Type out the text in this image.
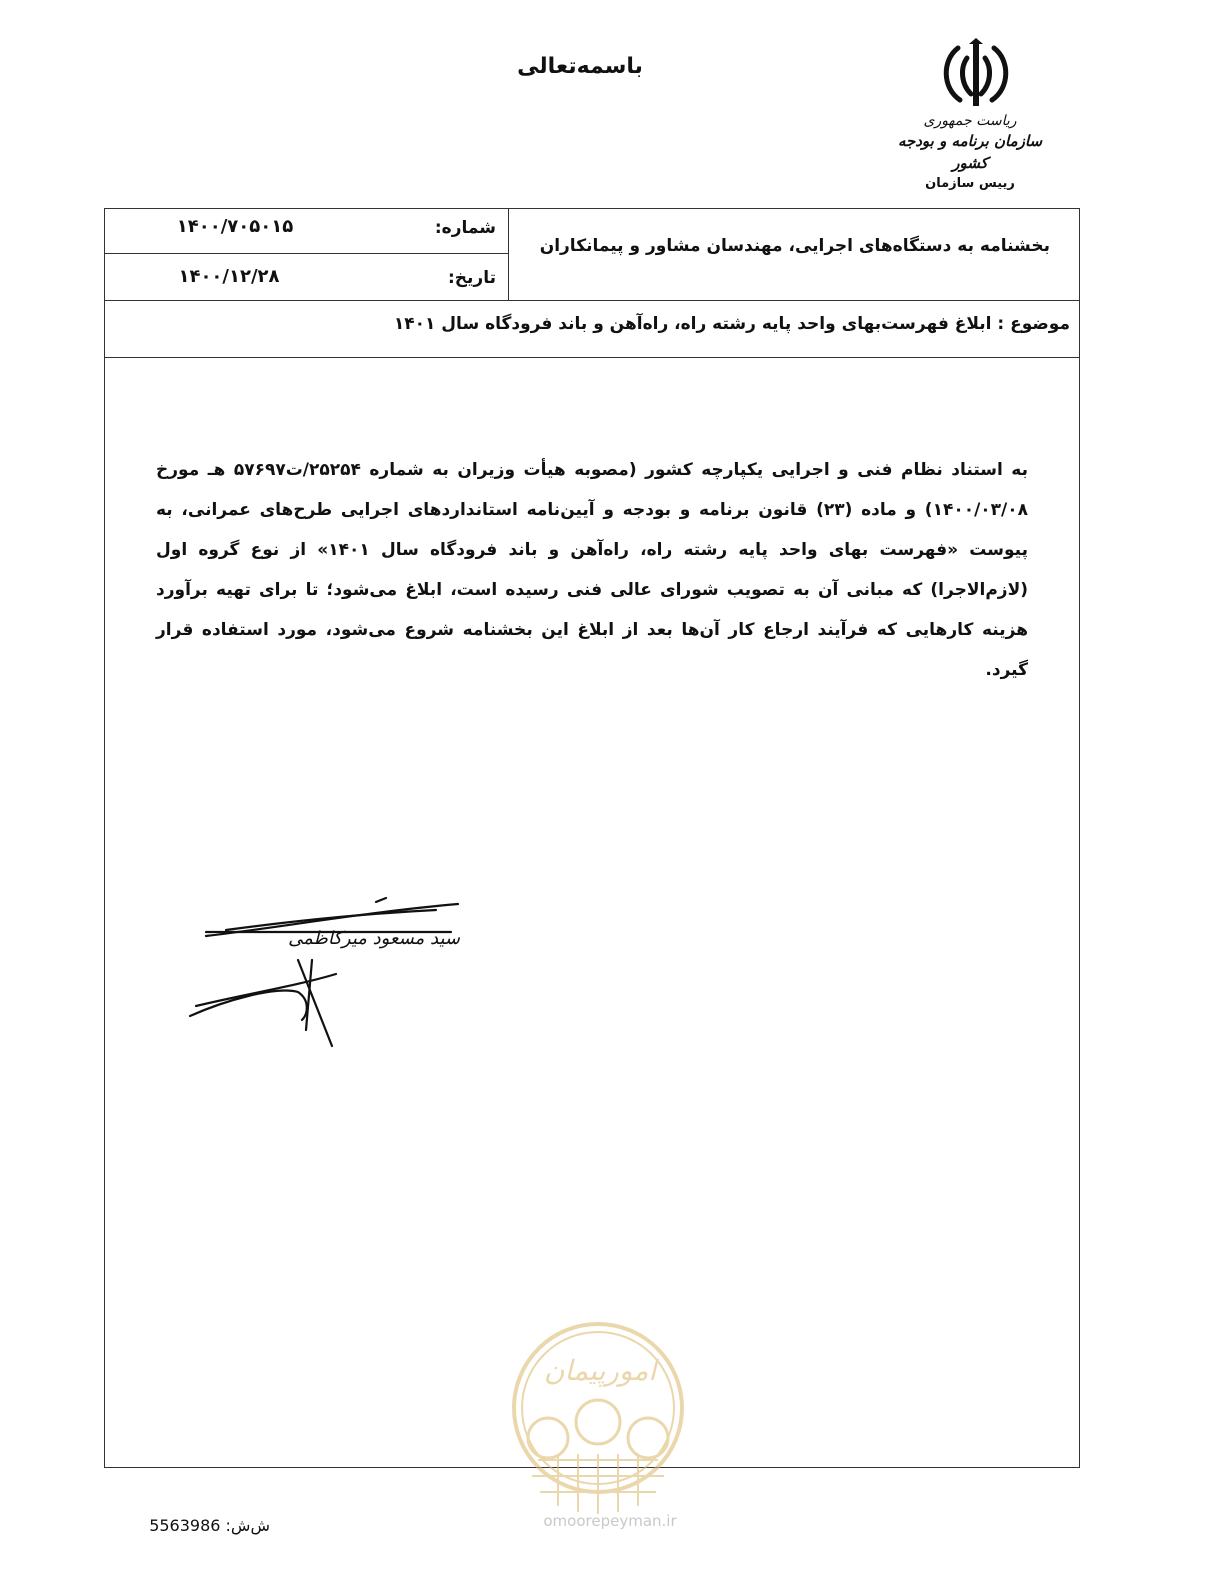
باسمه‌تعالی
ریاست جمهوری
سازمان برنامه و بودجه کشور
رییس سازمان
بخشنامه به دستگاه‌های اجرایی، مهندسان مشاور و پیمانکاران
شماره:
۱۴۰۰/۷۰۵۰۱۵
تاریخ:
۱۴۰۰/۱۲/۲۸
موضوع : ابلاغ فهرست‌بهای واحد پایه رشته راه، راه‌آهن و باند فرودگاه سال ۱۴۰۱
به استناد نظام فنی و اجرایی یکپارچه کشور (مصوبه هیأت وزیران به شماره ۲۵۲۵۴/ت۵۷۶۹۷ هـ مورخ ۱۴۰۰/۰۳/۰۸) و ماده (۲۳) قانون برنامه و بودجه و آیین‌نامه استانداردهای اجرایی طرح‌های عمرانی، به پیوست «فهرست بهای واحد پایه رشته راه، راه‌آهن و باند فرودگاه سال ۱۴۰۱» از نوع گروه اول (لازم‌الاجرا) که مبانی آن به تصویب شورای عالی فنی رسیده است، ابلاغ می‌شود؛ تا برای تهیه برآورد هزینه کارهایی که فرآیند ارجاع کار آن‌ها بعد از ابلاغ این بخشنامه شروع می‌شود، مورد استفاده قرار گیرد.
سید مسعود میرکاظمی
امورپیمان
omoorepeyman.ir
ش‌ش: 5563986
